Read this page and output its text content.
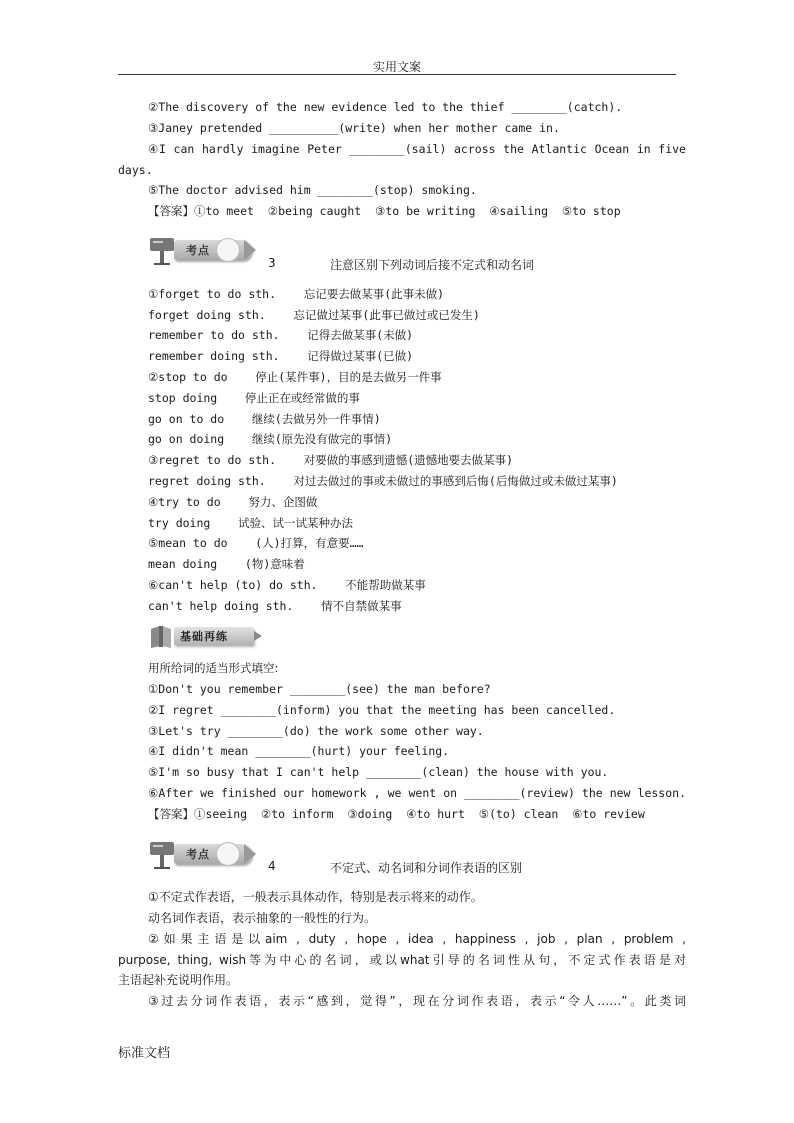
实用文案
②The discovery of the new evidence led to the thief ________(catch).
③Janey pretended __________(write) when her mother came in.
④I can hardly imagine Peter ________(sail) across the Atlantic Ocean in five
days.
⑤The doctor advised him ________(stop) smoking.
【答案】①to meet  ②being caught  ③to be writing  ④sailing  ⑤to stop
考点
3	注意区别下列动词后接不定式和动名词
①forget to do sth.    忘记要去做某事(此事未做)
forget doing sth.    忘记做过某事(此事已做过或已发生)
remember to do sth.    记得去做某事(未做)
remember doing sth.    记得做过某事(已做)
②stop to do    停止(某件事)，目的是去做另一件事
stop doing    停止正在或经常做的事
go on to do    继续(去做另外一件事情)
go on doing    继续(原先没有做完的事情)
③regret to do sth.    对要做的事感到遗憾(遗憾地要去做某事)
regret doing sth.    对过去做过的事或未做过的事感到后悔(后悔做过或未做过某事)
④try to do    努力、企图做
try doing    试验、试一试某种办法
⑤mean to do    (人)打算，有意要……
mean doing    (物)意味着
⑥can't help (to) do sth.    不能帮助做某事
can't help doing sth.    情不自禁做某事
基础再练
用所给词的适当形式填空:
①Don't you remember ________(see) the man before?
②I regret ________(inform) you that the meeting has been cancelled.
③Let's try ________(do) the work some other way.
④I didn't mean ________(hurt) your feeling.
⑤I'm so busy that I can't help ________(clean) the house with you.
⑥After we finished our homework , we went on ________(review) the new lesson.
【答案】①seeing  ②to inform  ③doing  ④to hurt  ⑤(to) clean  ⑥to review
考点
4	不定式、动名词和分词作表语的区别
①不定式作表语，一般表示具体动作，特别是表示将来的动作。
动名词作表语，表示抽象的一般性的行为。
②如果主语是以aim , duty , hope , idea , happiness , job , plan , problem ,
purpose, thing, wish等为中心的名词，或以what引导的名词性从句，不定式作表语是对
主语起补充说明作用。
③过去分词作表语，表示“感到，觉得”，现在分词作表语，表示“令人……”。此类词
标准文档
